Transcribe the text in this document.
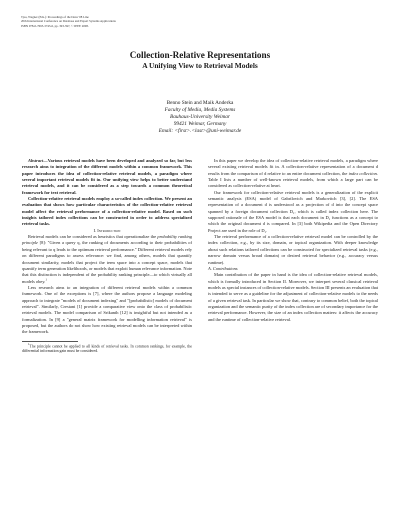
Tjoa, Wagner (Eds.): Proceedings of the Dexa '08 Line
20th International Conference on Database and Expert Systems Applications
ISBN 978-0-7695-3743-6, pp. 393-397, © IEEE 2008.
Collection-Relative Representations
A Unifying View to Retrieval Models
Benno Stein and Maik Anderka
Faculty of Media, Media Systems
Bauhaus-University Weimar
99421 Weimar, Germany
Email: <first>.<last>@uni-weimar.de

Abstract—Various retrieval models have been developed and analyzed so far, but less research aims to integration of the different models within a common framework. This paper introduces the idea of collection-relative retrieval models, a paradigm where several important retrieval models fit in. Our unifying view helps to better understand retrieval models, and it can be considered as a step towards a common theoretical framework for text retrieval.

Collection-relative retrieval models employ a so-called index collection. We present an evaluation that shows how particular characteristics of the collection-relative retrieval model affect the retrieval performance of a collection-relative model. Based on such insights tailored index collections can be constructed in order to address specialized retrieval tasks.

I. Introduction

Retrieval models can be considered as heuristics that operationalize the probability ranking principle [8]: "Given a query q, the ranking of documents according to their probabilities of being relevant to q leads to the optimum retrieval performance." Different retrieval models rely on different paradigms to assess relevance: we find, among others, models that quantify document similarity, models that project the term space into a concept space, models that quantify term generation likelihoods, or models that exploit human relevance information. Note that this distinction is independent of the probability ranking principle—to which virtually all models obey.$^1$

Less research aims to an integration of different retrieval models within a common framework. One of the exceptions is [7], where the authors propose a language modeling approach to integrate "models of document indexing" and "[probabilistic] models of document retrieval". Similarly, Crestani [1] provide a comparative view onto the class of probabilistic retrieval models. The model comparison of Srikanth [12] is insightful but not intended as a formalization. In [9] a "general matrix framework for modelling information retrieval" is proposed, but the authors do not show how existing retrieval models can be interpreted within the framework.

$^1$The principle cannot be applied to all kinds of retrieval tasks. In common rankings, for example, the differential information gain must be considered.

In this paper we develop the idea of collection-relative retrieval models, a paradigm where several existing retrieval models fit in. A collection-relative representation of a document d results from the comparison of d relative to an entire document collection, the index collection. Table I lists a number of well-known retrieval models, from which a large part can be considered as collection-relative at heart.

Our framework for collection-relative retrieval models is a generalization of the explicit semantic analysis (ESA) model of Gabrilovich and Markovitch [3], [2]. The ESA representation of a document d is understood as a projection of d into the concept space spanned by a foreign document collection D₁, which is called index collection here. The supposed rationale of the ESA model is that each document in D₁ functions as a concept to which the original document d is compared. In [3] both Wikipedia and the Open Directory Project are used in the role of D₁.

The retrieval performance of a collection-relative retrieval model can be controlled by the index collection, e.g., by its size, domain, or topical organization. With deeper knowledge about such relations tailored collections can be constructed for specialized retrieval tasks (e.g., narrow domain versus broad domain) or desired retrieval behavior (e.g., accuracy versus runtime).

A. Contributions

Main contribution of the paper in hand is the idea of collection-relative retrieval models, which is formally introduced in Section II. Moreover, we interpret several classical retrieval models as special instances of collection-relative models. Section III presents an evaluation that is intended to serve as a guideline for the adjustment of collection-relative models to the needs of a given retrieval task. In particular we show that, contrary to common belief, both the topical organization and the semantic purity of the index collection are of secondary importance for the retrieval performance. However, the size of an index collection matters: it affects the accuracy and the runtime of collection-relative retrieval.
